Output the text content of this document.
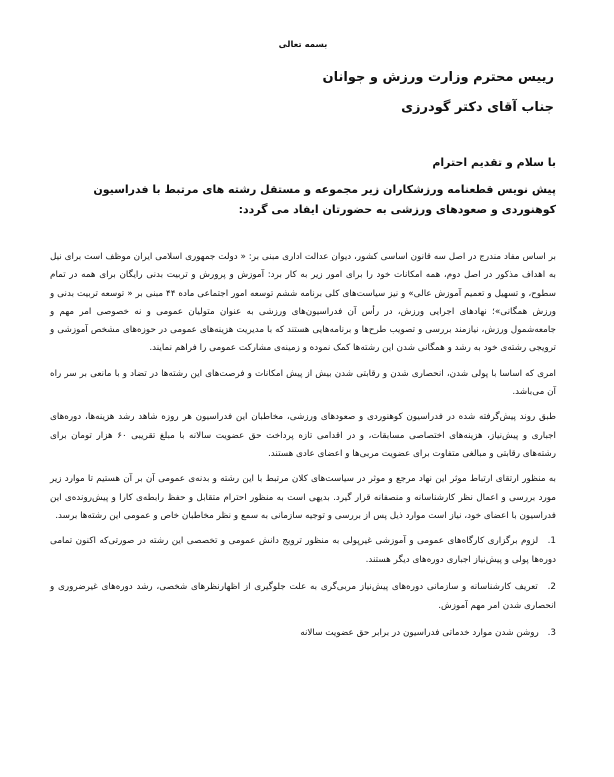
بسمه تعالی
رییس محترم وزارت ورزش و جوانان
جناب آقای دکتر گودرزی
با سلام و تقدیم احترام
پیش نویس قطعنامه ورزشکاران زیر مجموعه و مستقل رشته های مرتبط با فدراسیون کوهنوردی و صعودهای ورزشی به حضورتان ایفاد می گردد:

بر اساس مفاد مندرج در اصل سه قانون اساسی کشور، دیوان عدالت اداری مبنی بر: « دولت جمهوری اسلامی ایران موظف است برای نیل به اهداف مذکور در اصل دوم، همه امکانات خود را برای امور زیر به کار برد: آموزش و پرورش و تربیت بدنی رایگان برای همه در تمام سطوح، و تسهیل و تعمیم آموزش عالی» و نیز سیاست‌های کلی برنامه ششم توسعه امور اجتماعی ماده ۴۴ مبنی بر « توسعه تربیت بدنی و ورزش همگانی»؛ نهادهای اجرایی ورزش، در رأس آن فدراسیون‌های ورزشی به عنوان متولیان عمومی و نه خصوصی امر مهم و جامعه‌شمول ورزش، نیازمند بررسی و تصویب طرح‌ها و برنامه‌هایی هستند که با مدیریت هزینه‌های عمومی در حوزه‌های مشخص آموزشی و ترویجی رشته‌ی خود به رشد و همگانی شدن این رشته‌ها کمک نموده و زمینه‌ی مشارکت عمومی را فراهم نمایند.

امری که اساسا با پولی شدن، انحصاری شدن و رقابتی شدن بیش از پیش امکانات و فرصت‌های این رشته‌ها در تضاد و با مانعی بر سر راه آن می‌باشد.

طبق روند پیش‌گرفته شده در فدراسیون کوهنوردی و صعودهای ورزشی، مخاطبان این فدراسیون هر روزه شاهد رشد هزینه‌ها، دوره‌های اجباری و پیش‌نیاز، هزینه‌های اختصاصی مسابقات، و در اقدامی تازه پرداخت حق عضویت سالانه با مبلغ تقریبی ۶۰ هزار تومان برای رشته‌های رقابتی و مبالغی متفاوت برای عضویت مربی‌ها و اعضای عادی هستند.

به منظور ارتقای ارتباط موثر این نهاد مرجع و موثر در سیاست‌های کلان مرتبط با این رشته و بدنه‌ی عمومی آن بر آن هستیم تا موارد زیر مورد بررسی و اعمال نظر کارشناسانه و منصفانه قرار گیرد. بدیهی است به منظور احترام متقابل و حفظ رابطه‌ی کارا و پیش‌رونده‌ی این فدراسیون با اعضای خود، نیاز است موارد ذیل پس از بررسی و توجیه سازمانی به سمع و نظر مخاطبان خاص و عمومی این رشته‌ها برسد.

1. لزوم برگزاری کارگاه‌های عمومی و آموزشی غیرپولی به منظور ترویج دانش عمومی و تخصصی این رشته در صورتی‌که اکنون تمامی دوره‌ها پولی و پیش‌نیاز اجباری دوره‌های دیگر هستند.
2. تعریف کارشناسانه و سازمانی دوره‌های پیش‌نیاز مربی‌گری به علت جلوگیری از اظهارنظرهای شخصی، رشد دوره‌های غیرضروری و انحصاری شدن امر مهم آموزش.
3. روشن شدن موارد خدماتی فدراسیون در برابر حق عضویت سالانه
